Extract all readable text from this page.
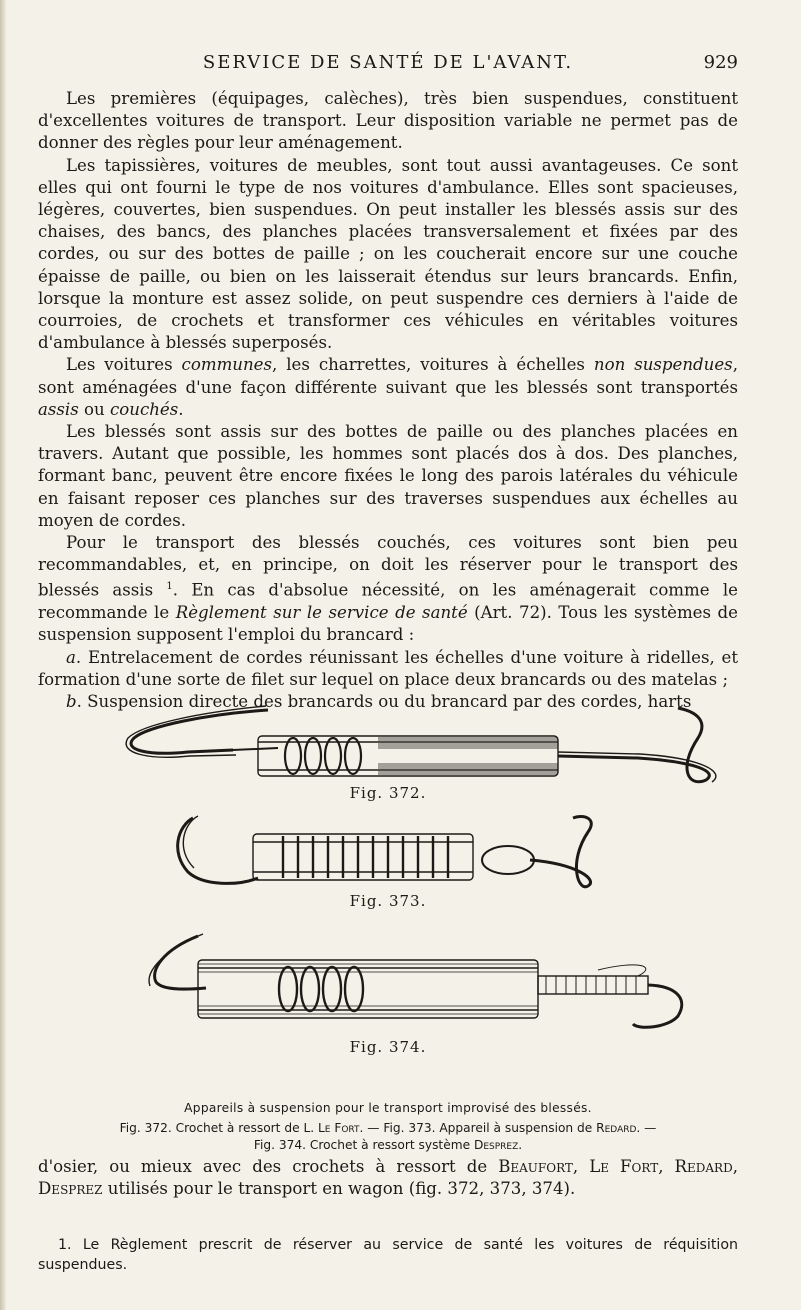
SERVICE DE SANTÉ DE L'AVANT.	929

Les premières (équipages, calèches), très bien suspendues, constituent d'excellentes voitures de transport. Leur disposition variable ne permet pas de donner des règles pour leur aménagement.

Les tapissières, voitures de meubles, sont tout aussi avantageuses. Ce sont elles qui ont fourni le type de nos voitures d'ambulance. Elles sont spacieuses, légères, couvertes, bien suspendues. On peut installer les blessés assis sur des chaises, des bancs, des planches placées transversalement et fixées par des cordes, ou sur des bottes de paille ; on les coucherait encore sur une couche épaisse de paille, ou bien on les laisserait étendus sur leurs brancards. Enfin, lorsque la monture est assez solide, on peut suspendre ces derniers à l'aide de courroies, de crochets et transformer ces véhicules en véritables voitures d'ambulance à blessés superposés.

Les voitures communes, les charrettes, voitures à échelles non suspendues, sont aménagées d'une façon différente suivant que les blessés sont transportés assis ou couchés.

Les blessés sont assis sur des bottes de paille ou des planches placées en travers. Autant que possible, les hommes sont placés dos à dos. Des planches, formant banc, peuvent être encore fixées le long des parois latérales du véhicule en faisant reposer ces planches sur des traverses suspendues aux échelles au moyen de cordes.

Pour le transport des blessés couchés, ces voitures sont bien peu recommandables, et, en principe, on doit les réserver pour le transport des blessés assis $^1$. En cas d'absolue nécessité, on les aménagerait comme le recommande le Règlement sur le service de santé (Art. 72). Tous les systèmes de suspension supposent l'emploi du brancard :

a. Entrelacement de cordes réunissant les échelles d'une voiture à ridelles, et formation d'une sorte de filet sur lequel on place deux brancards ou des matelas ;

b. Suspension directe des brancards ou du brancard par des cordes, harts

Fig. 372.
Fig. 373.
Fig. 374.
Appareils à suspension pour le transport improvisé des blessés.
Fig. 372. Crochet à ressort de L. Le Fort. — Fig. 373. Appareil à suspension de Redard. —
Fig. 374. Crochet à ressort système Desprez.

d'osier, ou mieux avec des crochets à ressort de Beaufort, Le Fort, Redard, Desprez utilisés pour le transport en wagon (fig. 372, 373, 374).

1. Le Règlement prescrit de réserver au service de santé les voitures de réquisition suspendues.
